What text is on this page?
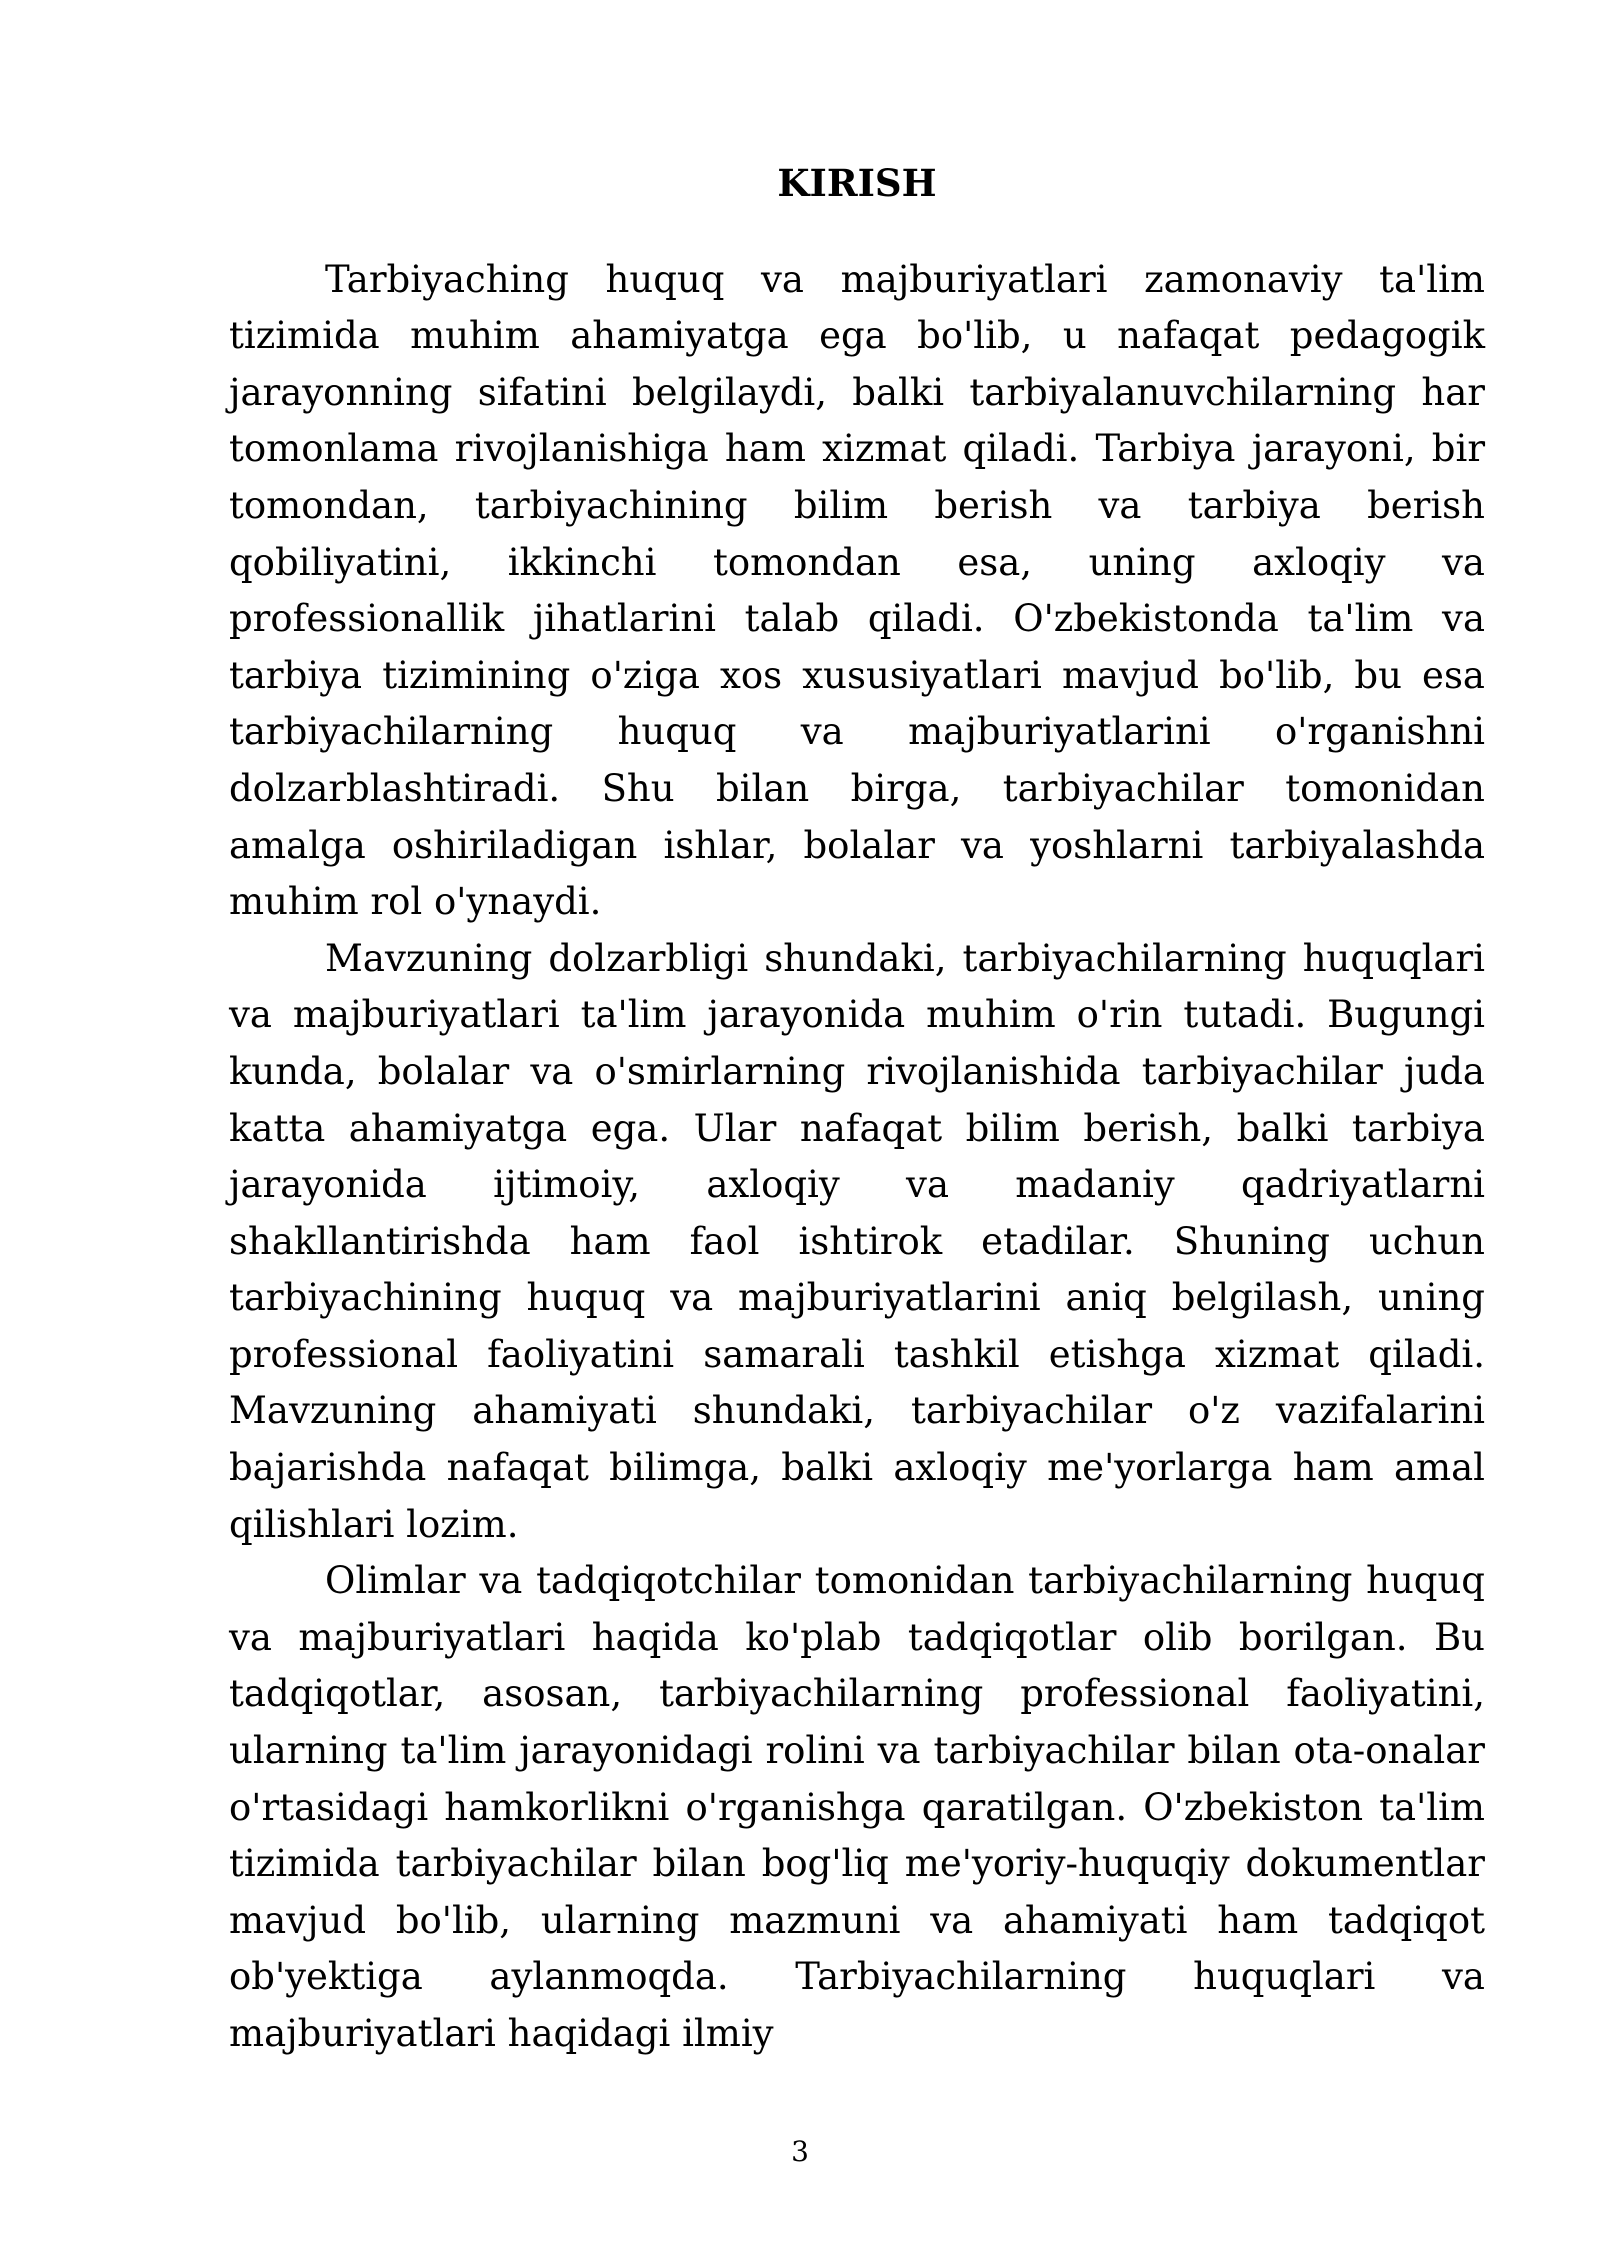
KIRISH

Tarbiyaching huquq va majburiyatlari zamonaviy ta'lim tizimida muhim ahamiyatga ega bo'lib, u nafaqat pedagogik jarayonning sifatini belgilaydi, balki tarbiyalanuvchilarning har tomonlama rivojlanishiga ham xizmat qiladi. Tarbiya jarayoni, bir tomondan, tarbiyachining bilim berish va tarbiya berish qobiliyatini, ikkinchi tomondan esa, uning axloqiy va professionallik jihatlarini talab qiladi. O'zbekistonda ta'lim va tarbiya tizimining o'ziga xos xususiyatlari mavjud bo'lib, bu esa tarbiyachilarning huquq va majburiyatlarini o'rganishni dolzarblashtiradi. Shu bilan birga, tarbiyachilar tomonidan amalga oshiriladigan ishlar, bolalar va yoshlarni tarbiyalashda muhim rol o'ynaydi.

Mavzuning dolzarbligi shundaki, tarbiyachilarning huquqlari va majburiyatlari ta'lim jarayonida muhim o'rin tutadi. Bugungi kunda, bolalar va o'smirlarning rivojlanishida tarbiyachilar juda katta ahamiyatga ega. Ular nafaqat bilim berish, balki tarbiya jarayonida ijtimoiy, axloqiy va madaniy qadriyatlarni shakllantirishda ham faol ishtirok etadilar. Shuning uchun tarbiyachining huquq va majburiyatlarini aniq belgilash, uning professional faoliyatini samarali tashkil etishga xizmat qiladi. Mavzuning ahamiyati shundaki, tarbiyachilar o'z vazifalarini bajarishda nafaqat bilimga, balki axloqiy me'yorlarga ham amal qilishlari lozim.

Olimlar va tadqiqotchilar tomonidan tarbiyachilarning huquq va majburiyatlari haqida ko'plab tadqiqotlar olib borilgan. Bu tadqiqotlar, asosan, tarbiyachilarning professional faoliyatini, ularning ta'lim jarayonidagi rolini va tarbiyachilar bilan ota-onalar o'rtasidagi hamkorlikni o'rganishga qaratilgan. O'zbekiston ta'lim tizimida tarbiyachilar bilan bog'liq me'yoriy-huquqiy dokumentlar mavjud bo'lib, ularning mazmuni va ahamiyati ham tadqiqot ob'yektiga aylanmoqda. Tarbiyachilarning huquqlari va majburiyatlari haqidagi ilmiy

3
